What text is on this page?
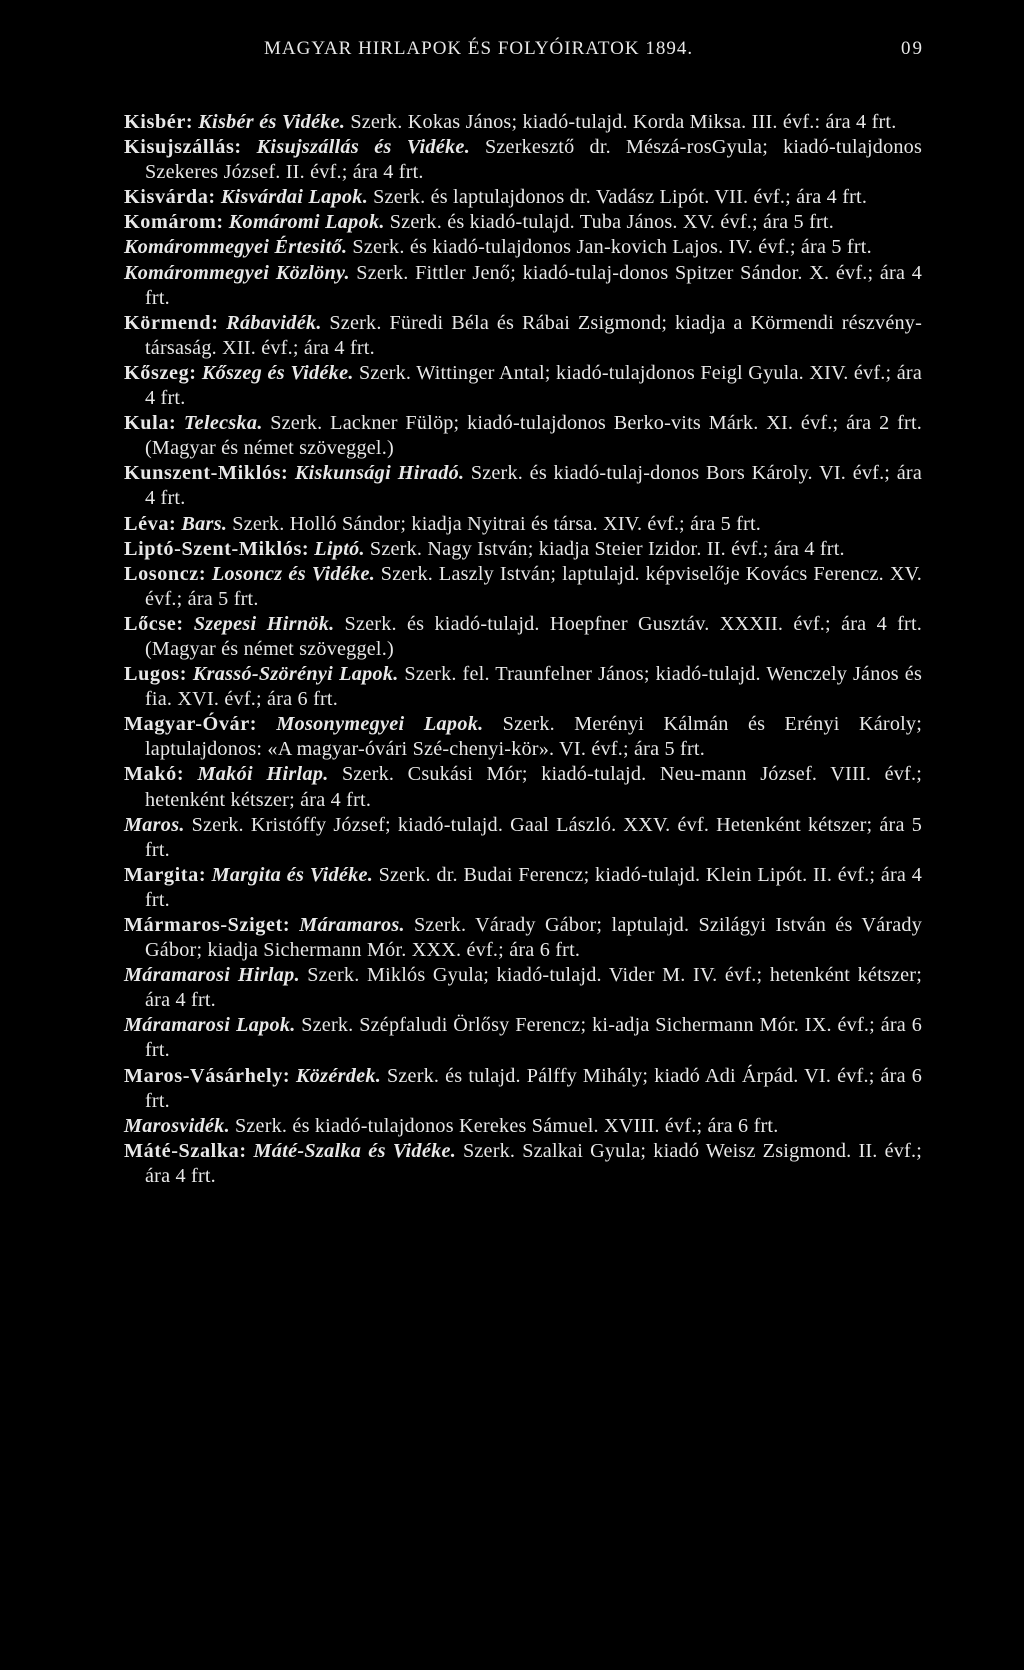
MAGYAR HIRLAPOK ÉS FOLYÓIRATOK 1894.	09

Kisbér: Kisbér és Vidéke. Szerk. Kokas János; kiadó-tulajd. Korda Miksa. III. évf.: ára 4 frt.

Kisujszállás: Kisujszállás és Vidéke. Szerkesztő dr. Mészá-rosGyula; kiadó-tulajdonos Szekeres József. II. évf.; ára 4 frt.

Kisvárda: Kisvárdai Lapok. Szerk. és laptulajdonos dr. Vadász Lipót. VII. évf.; ára 4 frt.

Komárom: Komáromi Lapok. Szerk. és kiadó-tulajd. Tuba János. XV. évf.; ára 5 frt.

Komárommegyei Értesitő. Szerk. és kiadó-tulajdonos Jan-kovich Lajos. IV. évf.; ára 5 frt.

Komárommegyei Közlöny. Szerk. Fittler Jenő; kiadó-tulaj-donos Spitzer Sándor. X. évf.; ára 4 frt.

Körmend: Rábavidék. Szerk. Füredi Béla és Rábai Zsigmond; kiadja a Körmendi részvény-társaság. XII. évf.; ára 4 frt.

Kőszeg: Kőszeg és Vidéke. Szerk. Wittinger Antal; kiadó-tulajdonos Feigl Gyula. XIV. évf.; ára 4 frt.

Kula: Telecska. Szerk. Lackner Fülöp; kiadó-tulajdonos Berko-vits Márk. XI. évf.; ára 2 frt. (Magyar és német szöveggel.)

Kunszent-Miklós: Kiskunsági Hiradó. Szerk. és kiadó-tulaj-donos Bors Károly. VI. évf.; ára 4 frt.

Léva: Bars. Szerk. Holló Sándor; kiadja Nyitrai és társa. XIV. évf.; ára 5 frt.

Liptó-Szent-Miklós: Liptó. Szerk. Nagy István; kiadja Steier Izidor. II. évf.; ára 4 frt.

Losoncz: Losoncz és Vidéke. Szerk. Laszly István; laptulajd. képviselője Kovács Ferencz. XV. évf.; ára 5 frt.

Lőcse: Szepesi Hirnök. Szerk. és kiadó-tulajd. Hoepfner Gusztáv. XXXII. évf.; ára 4 frt. (Magyar és német szöveggel.)

Lugos: Krassó-Szörényi Lapok. Szerk. fel. Traunfelner János; kiadó-tulajd. Wenczely János és fia. XVI. évf.; ára 6 frt.

Magyar-Óvár: Mosonymegyei Lapok. Szerk. Merényi Kálmán és Erényi Károly; laptulajdonos: «A magyar-óvári Szé-chenyi-kör». VI. évf.; ára 5 frt.

Makó: Makói Hirlap. Szerk. Csukási Mór; kiadó-tulajd. Neu-mann József. VIII. évf.; hetenként kétszer; ára 4 frt.

Maros. Szerk. Kristóffy József; kiadó-tulajd. Gaal László. XXV. évf. Hetenként kétszer; ára 5 frt.

Margita: Margita és Vidéke. Szerk. dr. Budai Ferencz; kiadó-tulajd. Klein Lipót. II. évf.; ára 4 frt.

Mármaros-Sziget: Máramaros. Szerk. Várady Gábor; laptulajd. Szilágyi István és Várady Gábor; kiadja Sichermann Mór. XXX. évf.; ára 6 frt.

Máramarosi Hirlap. Szerk. Miklós Gyula; kiadó-tulajd. Vider M. IV. évf.; hetenként kétszer; ára 4 frt.

Máramarosi Lapok. Szerk. Szépfaludi Örlősy Ferencz; ki-adja Sichermann Mór. IX. évf.; ára 6 frt.

Maros-Vásárhely: Közérdek. Szerk. és tulajd. Pálffy Mihály; kiadó Adi Árpád. VI. évf.; ára 6 frt.

Marosvidék. Szerk. és kiadó-tulajdonos Kerekes Sámuel. XVIII. évf.; ára 6 frt.

Máté-Szalka: Máté-Szalka és Vidéke. Szerk. Szalkai Gyula; kiadó Weisz Zsigmond. II. évf.; ára 4 frt.
